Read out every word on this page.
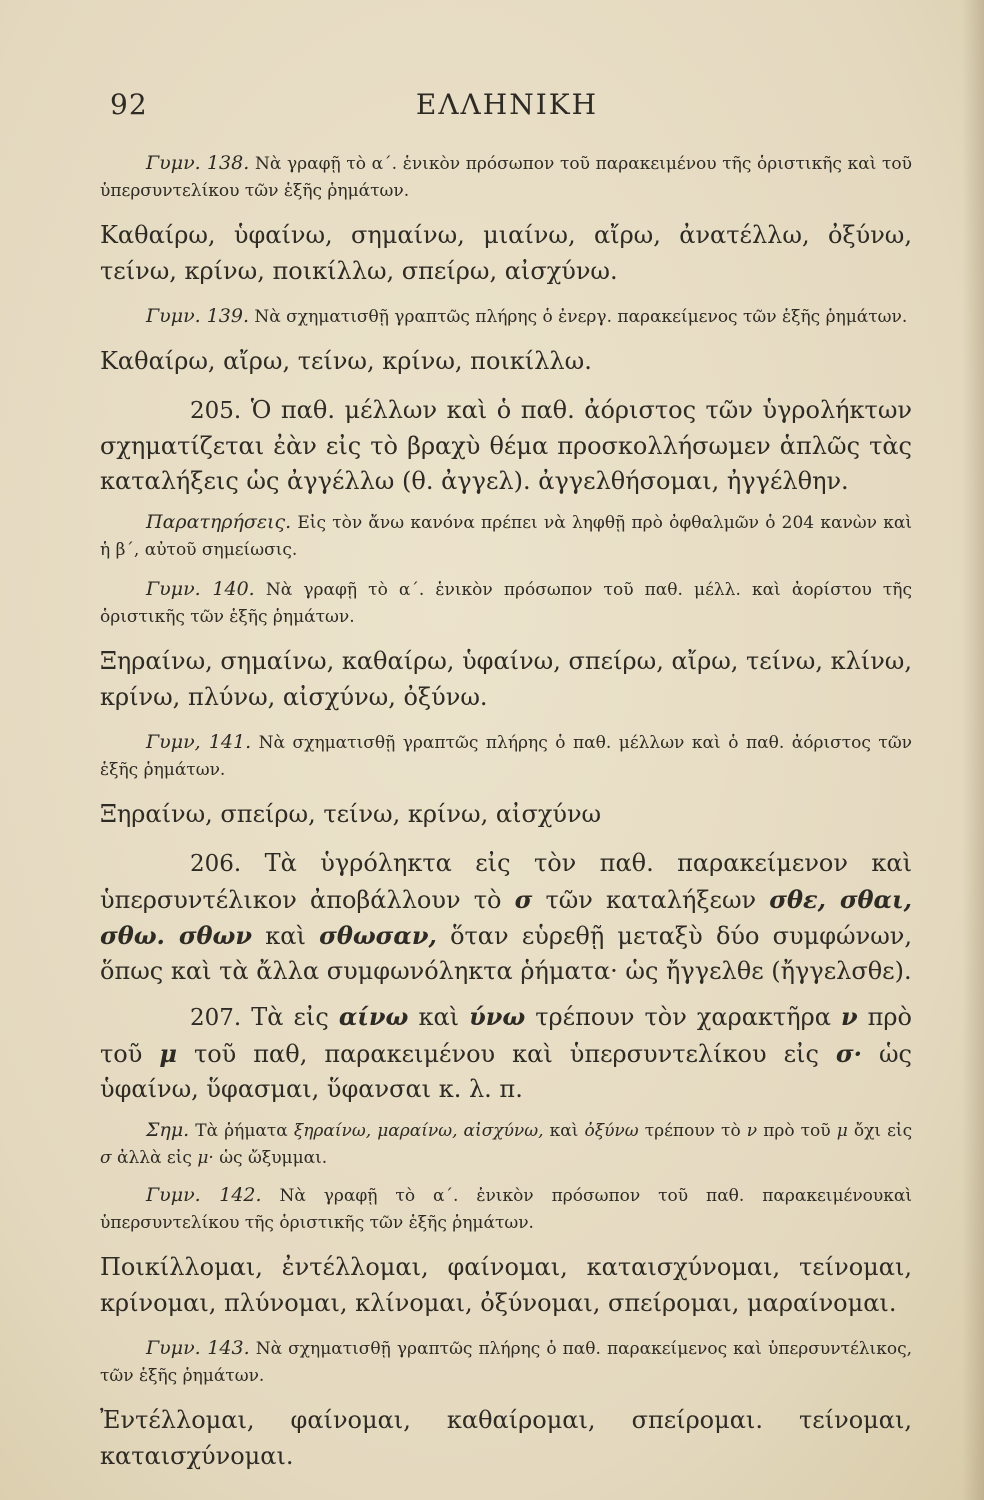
92	ΕΛΛΗΝΙΚΗ

Γυμν. 138. Νὰ γραφῇ τὸ α΄. ἑνικὸν πρόσωπον τοῦ παρακειμένου τῆς ὁριστικῆς καὶ τοῦ ὑπερσυντελίκου τῶν ἑξῆς ῥημάτων.

Καθαίρω, ὑφαίνω, σημαίνω, μιαίνω, αἴρω, ἀνατέλλω, ὀξύνω, τείνω, κρίνω, ποικίλλω, σπείρω, αἰσχύνω.

Γυμν. 139. Νὰ σχηματισθῇ γραπτῶς πλήρης ὁ ἐνεργ. παρακείμενος τῶν ἑξῆς ῥημάτων.

Καθαίρω, αἴρω, τείνω, κρίνω, ποικίλλω.

205. Ὁ παθ. μέλλων καὶ ὁ παθ. ἀόριστος τῶν ὑγρολήκτων σχηματίζεται ἐὰν εἰς τὸ βραχὺ θέμα προσκολλήσωμεν ἁπλῶς τὰς καταλήξεις ὡς ἀγγέλλω (θ. ἀγγελ). ἀγγελθήσομαι, ἠγγέλθην.

Παρατηρήσεις. Εἰς τὸν ἄνω κανόνα πρέπει νὰ ληφθῇ πρὸ ὀφθαλμῶν ὁ 204 κανὼν καὶ ἡ β΄, αὐτοῦ σημείωσις.

Γυμν. 140. Νὰ γραφῇ τὸ α΄. ἑνικὸν πρόσωπον τοῦ παθ. μέλλ. καὶ ἀορίστου τῆς ὁριστικῆς τῶν ἑξῆς ῥημάτων.

Ξηραίνω, σημαίνω, καθαίρω, ὑφαίνω, σπείρω, αἴρω, τείνω, κλίνω, κρίνω, πλύνω, αἰσχύνω, ὀξύνω.

Γυμν, 141. Νὰ σχηματισθῇ γραπτῶς πλήρης ὁ παθ. μέλλων καὶ ὁ παθ. ἀόριστος τῶν ἑξῆς ῥημάτων.

Ξηραίνω, σπείρω, τείνω, κρίνω, αἰσχύνω

206. Τὰ ὑγρόληκτα εἰς τὸν παθ. παρακείμενον καὶ ὑπερσυντέλικον ἀποβάλλουν τὸ σ τῶν καταλήξεων σθε, σθαι, σθω. σθων καὶ σθωσαν, ὅταν εὑρεθῇ μεταξὺ δύο συμφώνων, ὅπως καὶ τὰ ἄλλα συμφωνόληκτα ῥήματα· ὡς ἤγγελθε (ἤγγελσθε).

207. Τὰ εἰς αίνω καὶ ύνω τρέπουν τὸν χαρακτῆρα ν πρὸ τοῦ μ τοῦ παθ, παρακειμένου καὶ ὑπερσυντελίκου εἰς σ· ὡς ὑφαίνω, ὕφασμαι, ὕφανσαι κ. λ. π.

Σημ. Τὰ ῥήματα ξηραίνω, μαραίνω, αἰσχύνω, καὶ ὀξύνω τρέπουν τὸ ν πρὸ τοῦ μ ὄχι εἰς σ ἀλλὰ εἰς μ· ὡς ὤξυμμαι.

Γυμν. 142. Νὰ γραφῇ τὸ α΄. ἑνικὸν πρόσωπον τοῦ παθ. παρακειμένουκαὶ ὑπερσυντελίκου τῆς ὁριστικῆς τῶν ἑξῆς ῥημάτων.

Ποικίλλομαι, ἐντέλλομαι, φαίνομαι, καταισχύνομαι, τείνομαι, κρίνομαι, πλύνομαι, κλίνομαι, ὀξύνομαι, σπείρομαι, μαραίνομαι.

Γυμν. 143. Νὰ σχηματισθῇ γραπτῶς πλήρης ὁ παθ. παρακείμενος καὶ ὑπερσυντέλικος, τῶν ἑξῆς ῥημάτων.

Ἐντέλλομαι, φαίνομαι, καθαίρομαι, σπείρομαι. τείνομαι, καταισχύνομαι.
